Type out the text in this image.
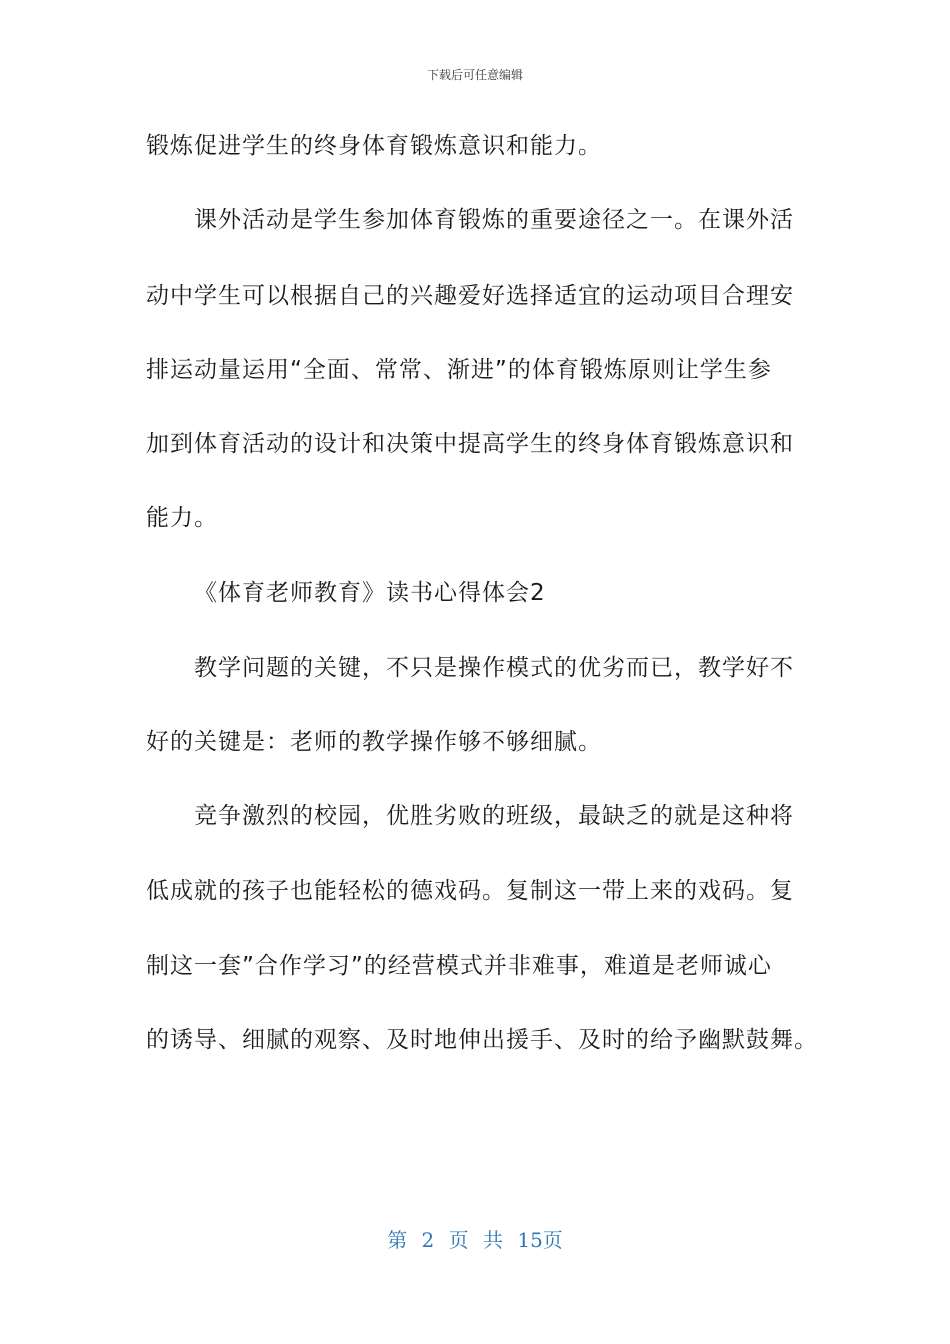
下载后可任意编辑
锻炼促进学生的终身体育锻炼意识和能力。
课外活动是学生参加体育锻炼的重要途径之一。在课外活
动中学生可以根据自己的兴趣爱好选择适宜的运动项目合理安
排运动量运用“全面、常常、渐进”的体育锻炼原则让学生参
加到体育活动的设计和决策中提高学生的终身体育锻炼意识和
能力。
《体育老师教育》读书心得体会2
教学问题的关键，不只是操作模式的优劣而已，教学好不
好的关键是：老师的教学操作够不够细腻。
竞争激烈的校园，优胜劣败的班级，最缺乏的就是这种将
低成就的孩子也能轻松的德戏码。复制这一带上来的戏码。复
制这一套”合作学习”的经营模式并非难事，难道是老师诚心
的诱导、细腻的观察、及时地伸出援手、及时的给予幽默鼓舞。
第 2 页 共 15页
